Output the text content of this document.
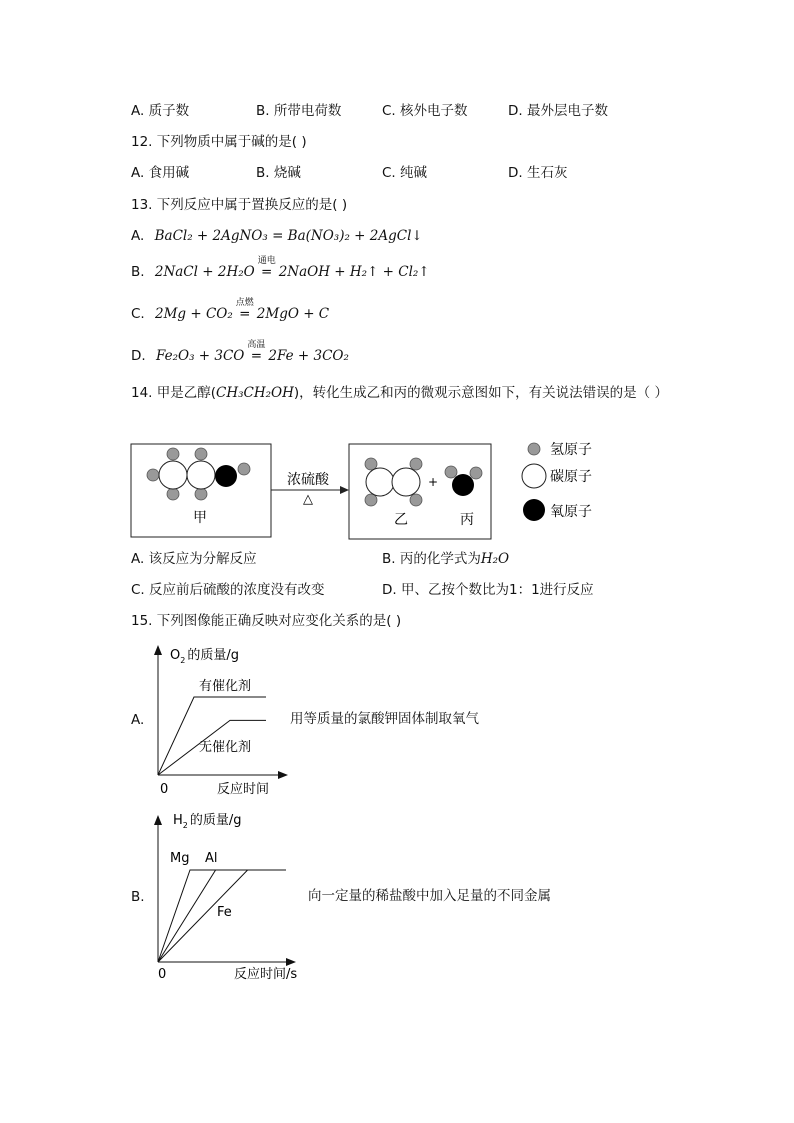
A. 质子数	B. 所带电荷数	C. 核外电子数	D. 最外层电子数
12. 下列物质中属于碱的是( )
A. 食用碱	B. 烧碱	C. 纯碱	D. 生石灰
13. 下列反应中属于置换反应的是( )
A. BaCl₂ + 2AgNO₃ = Ba(NO₃)₂ + 2AgCl↓
B. 2NaCl + 2H₂O
通电
= 2NaOH + H₂↑ + Cl₂↑
C. 2Mg + CO₂
点燃
= 2MgO + C
D. Fe₂O₃ + 3CO
高温
= 2Fe + 3CO₂
14. 甲是乙醇(CH₃CH₂OH)，转化生成乙和丙的微观示意图如下，有关说法错误的是（ ）
甲
浓硫酸
△
+
乙	丙
氢原子
碳原子
氧原子
A. 该反应为分解反应	B. 丙的化学式为H₂O
C. 反应前后硫酸的浓度没有改变	D. 甲、乙按个数比为1：1进行反应
15. 下列图像能正确反映对应变化关系的是( )
A.	用等质量的氯酸钾固体制取氧气
B.	向一定量的稀盐酸中加入足量的不同金属
$O_2$ 的质量/g
0	反应时间
有催化剂
无催化剂
$H_2$ 的质量/g
0	反应时间/s
Mg Al
Fe
